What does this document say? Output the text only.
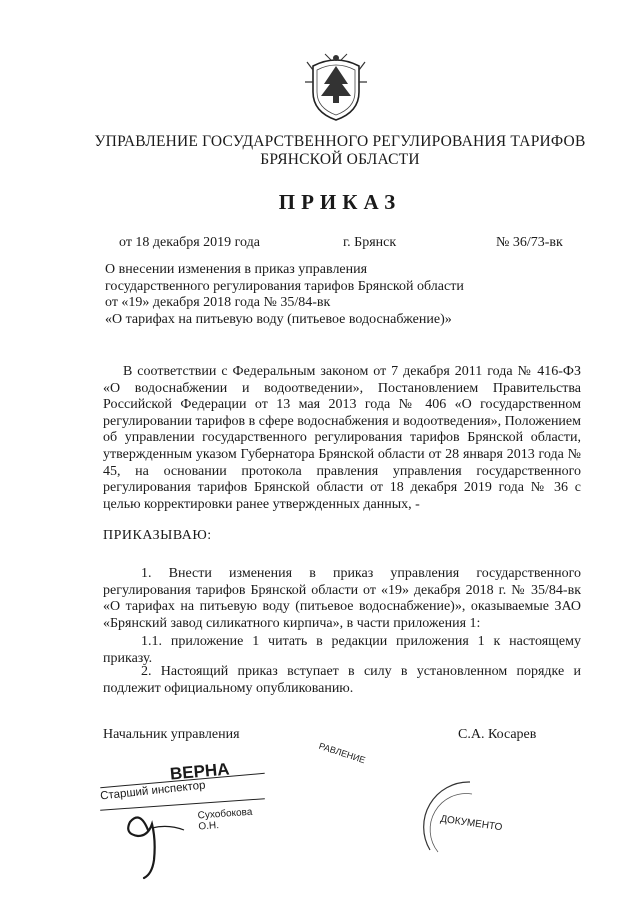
УПРАВЛЕНИЕ ГОСУДАРСТВЕННОГО РЕГУЛИРОВАНИЯ ТАРИФОВ
БРЯНСКОЙ ОБЛАСТИ
ПРИКАЗ
от 18 декабря 2019 года	г. Брянск	№ 36/73-вк
О внесении изменения в приказ управления
государственного регулирования тарифов Брянской области
от «19» декабря 2018 года № 35/84-вк
«О тарифах на питьевую воду (питьевое водоснабжение)»
В соответствии с Федеральным законом от 7 декабря 2011 года № 416-ФЗ «О водоснабжении и водоотведении», Постановлением Правительства Российской Федерации от 13 мая 2013 года № 406 «О государственном регулировании тарифов в сфере водоснабжения и водоотведения», Положением об управлении государственного регулирования тарифов Брянской области, утвержденным указом Губернатора Брянской области от 28 января 2013 года № 45, на основании протокола правления управления государственного регулирования тарифов Брянской области от 18 декабря 2019 года № 36 с целью корректировки ранее утвержденных данных, -
ПРИКАЗЫВАЮ:
1. Внести изменения в приказ управления государственного регулирования тарифов Брянской области от «19» декабря 2018 г. № 35/84-вк «О тарифах на питьевую воду (питьевое водоснабжение)», оказываемые ЗАО «Брянский завод силикатного кирпича», в части приложения 1:
1.1. приложение 1 читать в редакции приложения 1 к настоящему приказу.
2. Настоящий приказ вступает в силу в установленном порядке и подлежит официальному опубликованию.
Начальник управления	С.А. Косарев
ВЕРНА
Старший инспектор
Сухобокова О.Н.
РАВЛЕНИЕ
ДОКУМЕНТО
